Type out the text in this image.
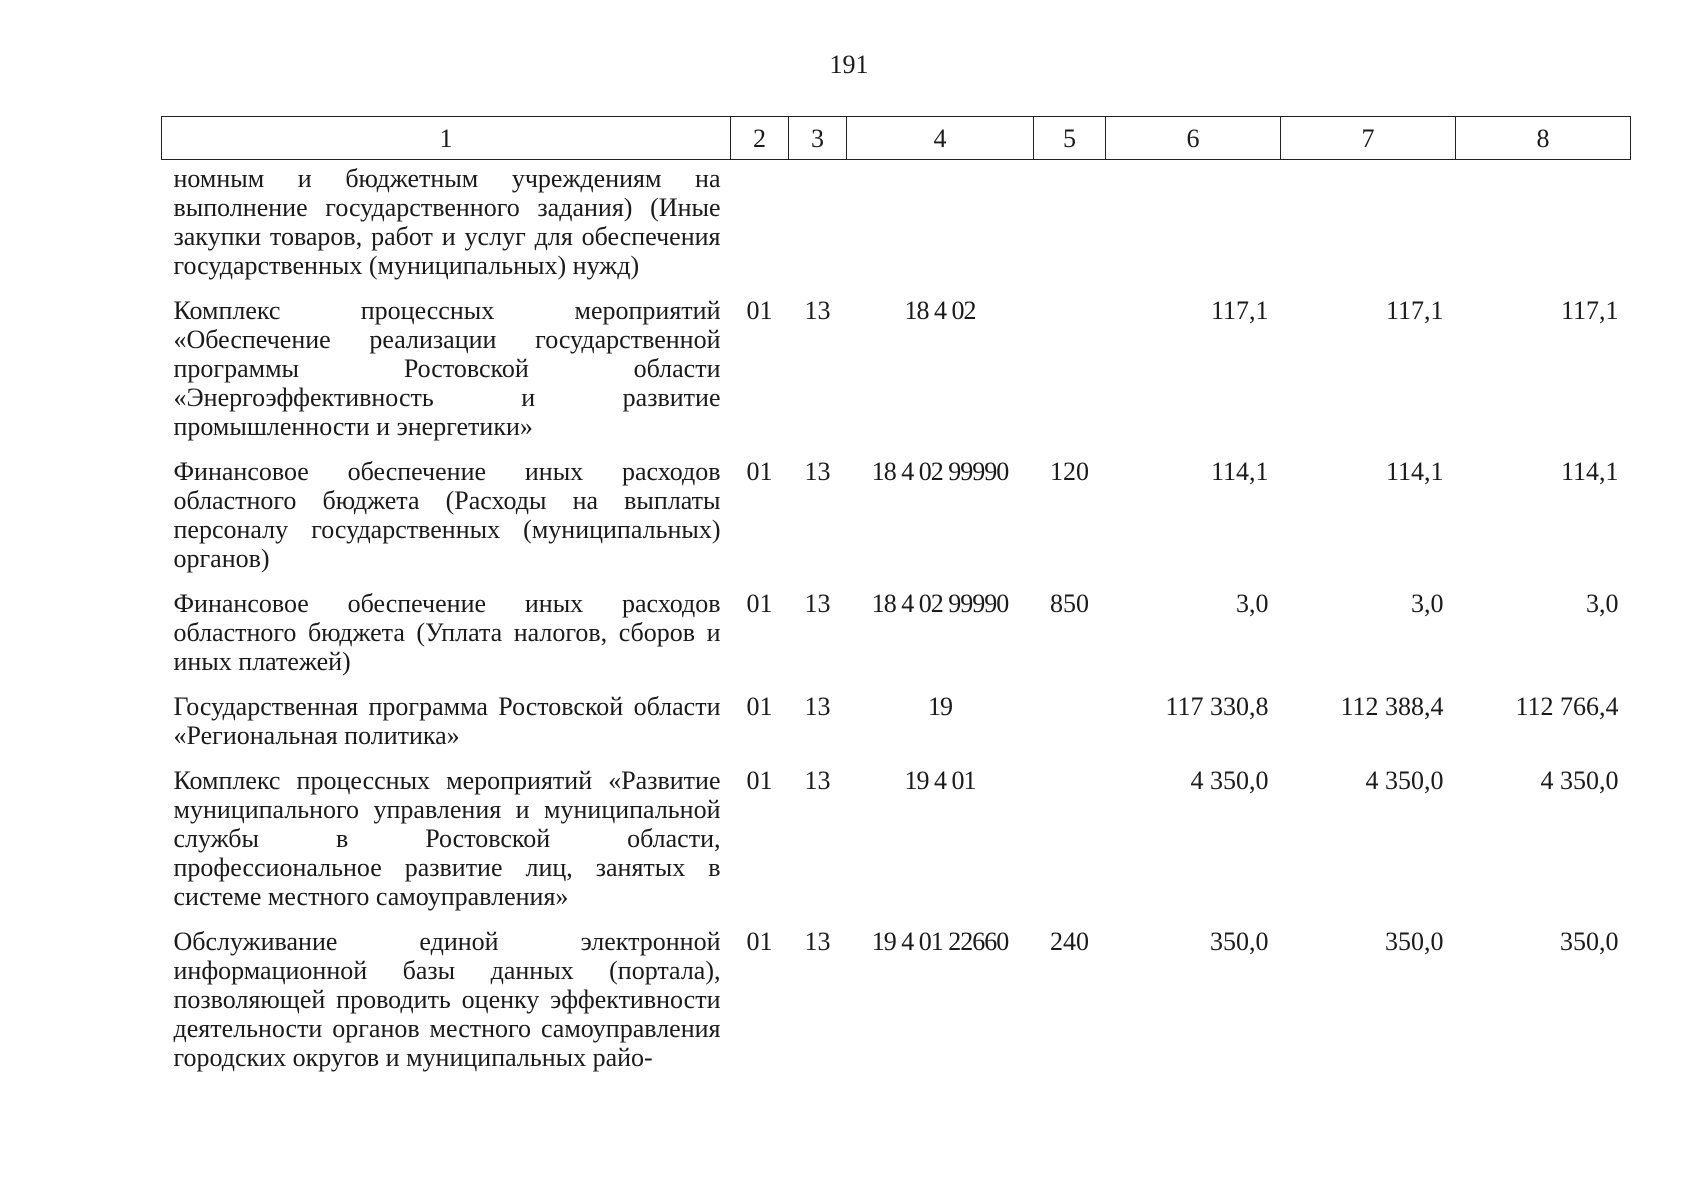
191
1	2	3	4	5	6	7	8
номным и бюджетным учреждениям на выполнение государственного задания) (Иные закупки товаров, работ и услуг для обеспечения государственных (муниципальных) нужд)							
Комплекс процессных мероприятий «Обеспечение реализации государственной программы Ростовской области «Энергоэффективность и развитие промышленности и энергетики»	01	13	18 4 02		117,1	117,1	117,1
Финансовое обеспечение иных расходов областного бюджета (Расходы на выплаты персоналу государственных (муниципальных) органов)	01	13	18 4 02 99990	120	114,1	114,1	114,1
Финансовое обеспечение иных расходов областного бюджета (Уплата налогов, сборов и иных платежей)	01	13	18 4 02 99990	850	3,0	3,0	3,0
Государственная программа Ростовской области «Региональная политика»	01	13	19		117 330,8	112 388,4	112 766,4
Комплекс процессных мероприятий «Развитие муниципального управления и муниципальной службы в Ростовской области, профессиональное развитие лиц, занятых в системе местного самоуправления»	01	13	19 4 01		4 350,0	4 350,0	4 350,0
Обслуживание единой электронной информационной базы данных (портала), позволяющей проводить оценку эффективности деятельности органов местного самоуправления городских округов и муниципальных райо-	01	13	19 4 01 22660	240	350,0	350,0	350,0
